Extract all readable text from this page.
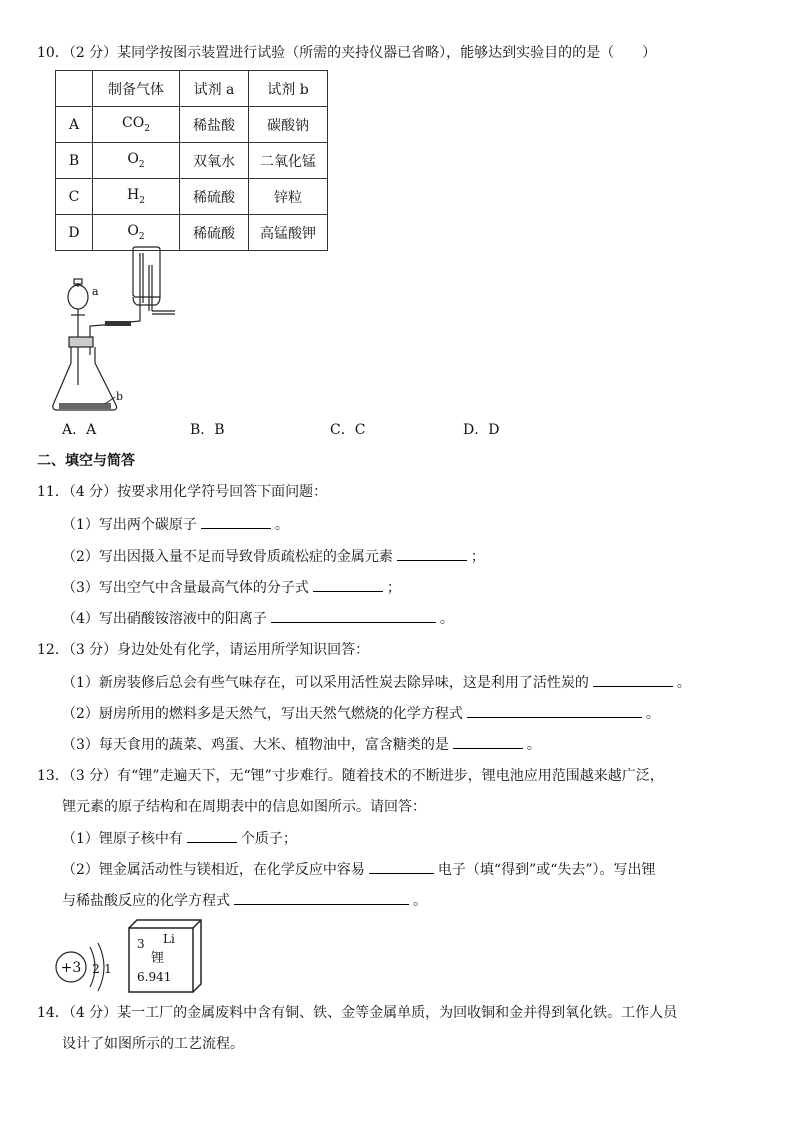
10．（2 分）某同学按图示装置进行试验（所需的夹持仪器已省略），能够达到实验目的的是（　　）
	制备气体	试剂 a	试剂 b
A	$CO_2$	稀盐酸	碳酸钠
B	$O_2$	双氧水	二氧化锰
C	$H_2$	稀硫酸	锌粒
D	$O_2$	稀硫酸	高锰酸钾
a
b
A．A	B．B	C．C	D．D
二、填空与简答
11．（4 分）按要求用化学符号回答下面问题：
（1）写出两个碳原子	。
（2）写出因摄入量不足而导致骨质疏松症的金属元素	；
（3）写出空气中含量最高气体的分子式	；
（4）写出硝酸铵溶液中的阳离子	。
12．（3 分）身边处处有化学，请运用所学知识回答：
（1）新房装修后总会有些气味存在，可以采用活性炭去除异味，这是利用了活性炭的	。
（2）厨房所用的燃料多是天然气，写出天然气燃烧的化学方程式	。
（3）每天食用的蔬菜、鸡蛋、大米、植物油中，富含糖类的是	。
13．（3 分）有“锂”走遍天下，无“锂”寸步难行。随着技术的不断进步，锂电池应用范围越来越广泛，
锂元素的原子结构和在周期表中的信息如图所示。请回答：
（1）锂原子核中有	个质子；
（2）锂金属活动性与镁相近，在化学反应中容易	电子（填“得到”或“失去”）。写出锂
与稀盐酸反应的化学方程式	。
+3 2 1
3 Li
锂
6.941
14．（4 分）某一工厂的金属废料中含有铜、铁、金等金属单质，为回收铜和金并得到氧化铁。工作人员
设计了如图所示的工艺流程。
